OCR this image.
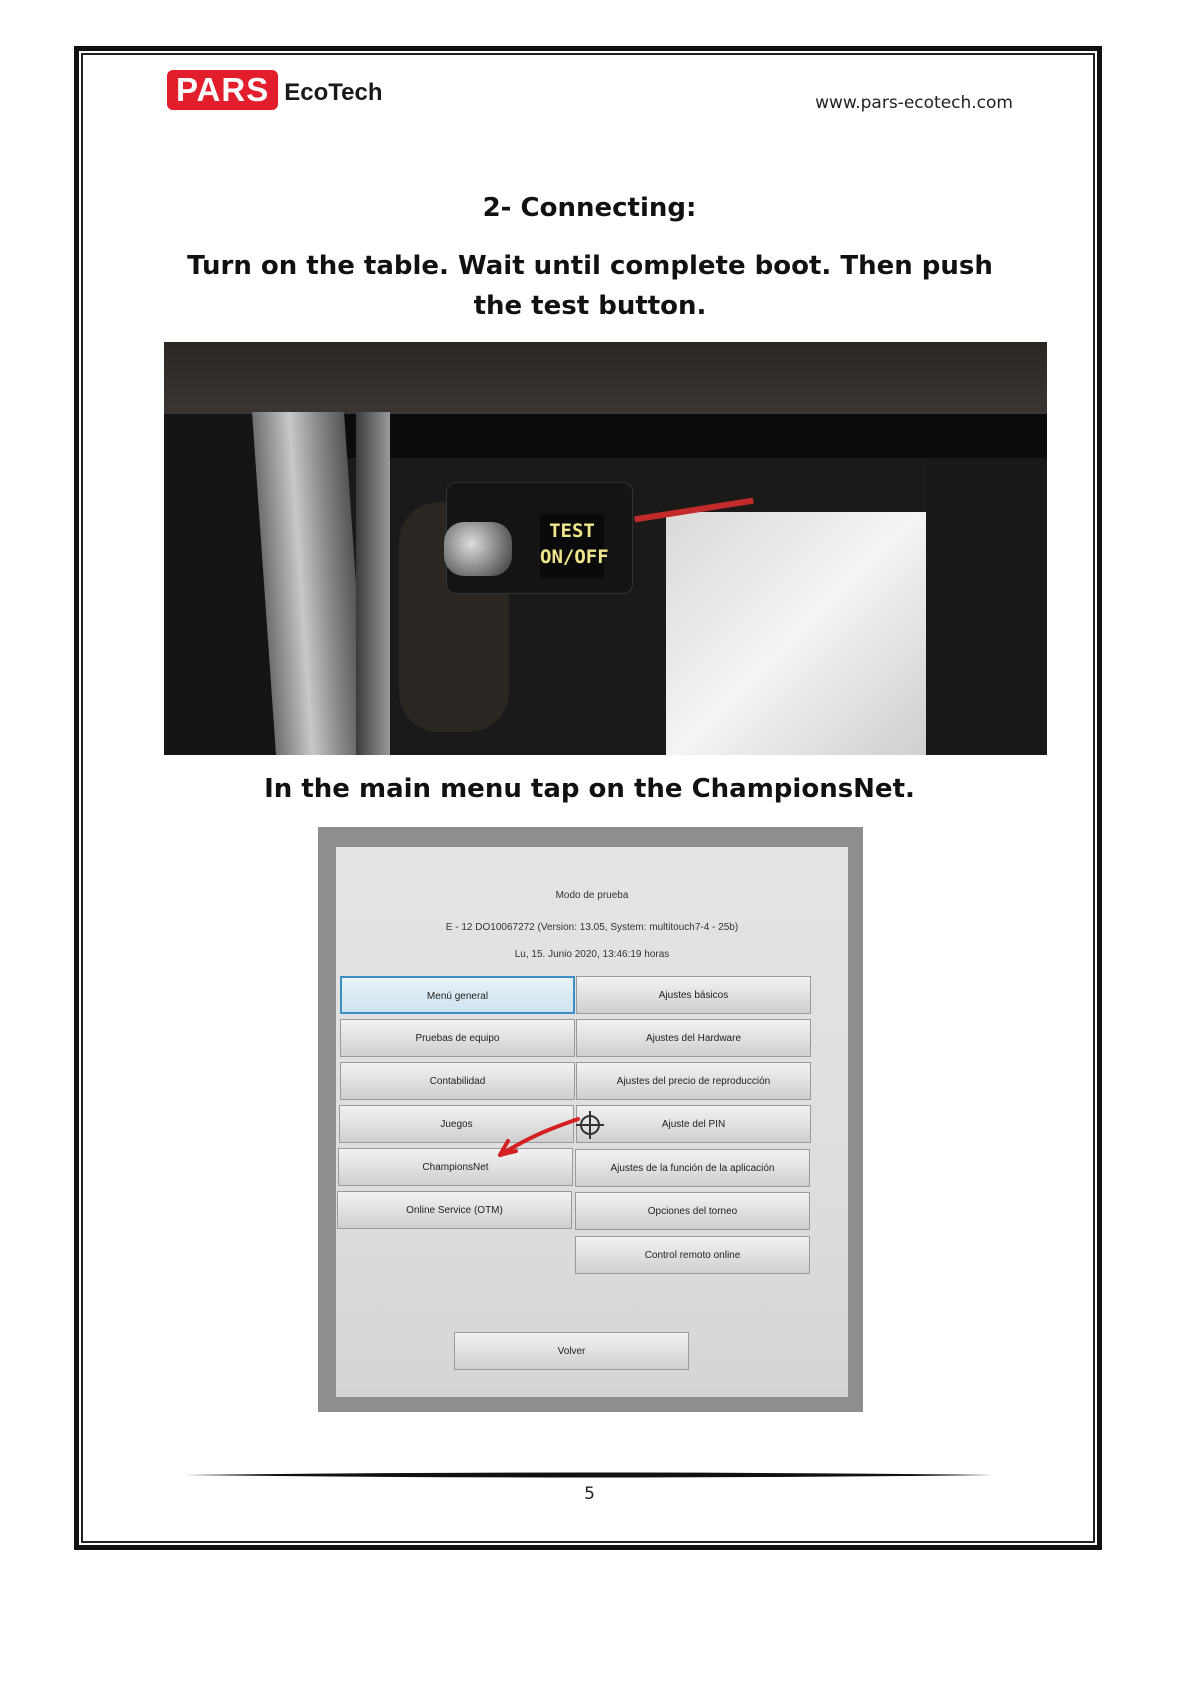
PARS EcoTech	www.pars-ecotech.com
2- Connecting:
Turn on the table. Wait until complete boot. Then push the test button.
TEST
ON/OFF
In the main menu tap on the ChampionsNet.
Modo de prueba
E - 12 DO10067272 (Version: 13.05, System: multitouch7-4 - 25b)
Lu, 15. Junio 2020, 13:46:19 horas
Menú general
Pruebas de equipo
Contabilidad
Juegos
ChampionsNet
Online Service (OTM)
Ajustes básicos
Ajustes del Hardware
Ajustes del precio de reproducción
Ajuste del PIN
Ajustes de la función de la aplicación
Opciones del torneo
Control remoto online
Volver
5
